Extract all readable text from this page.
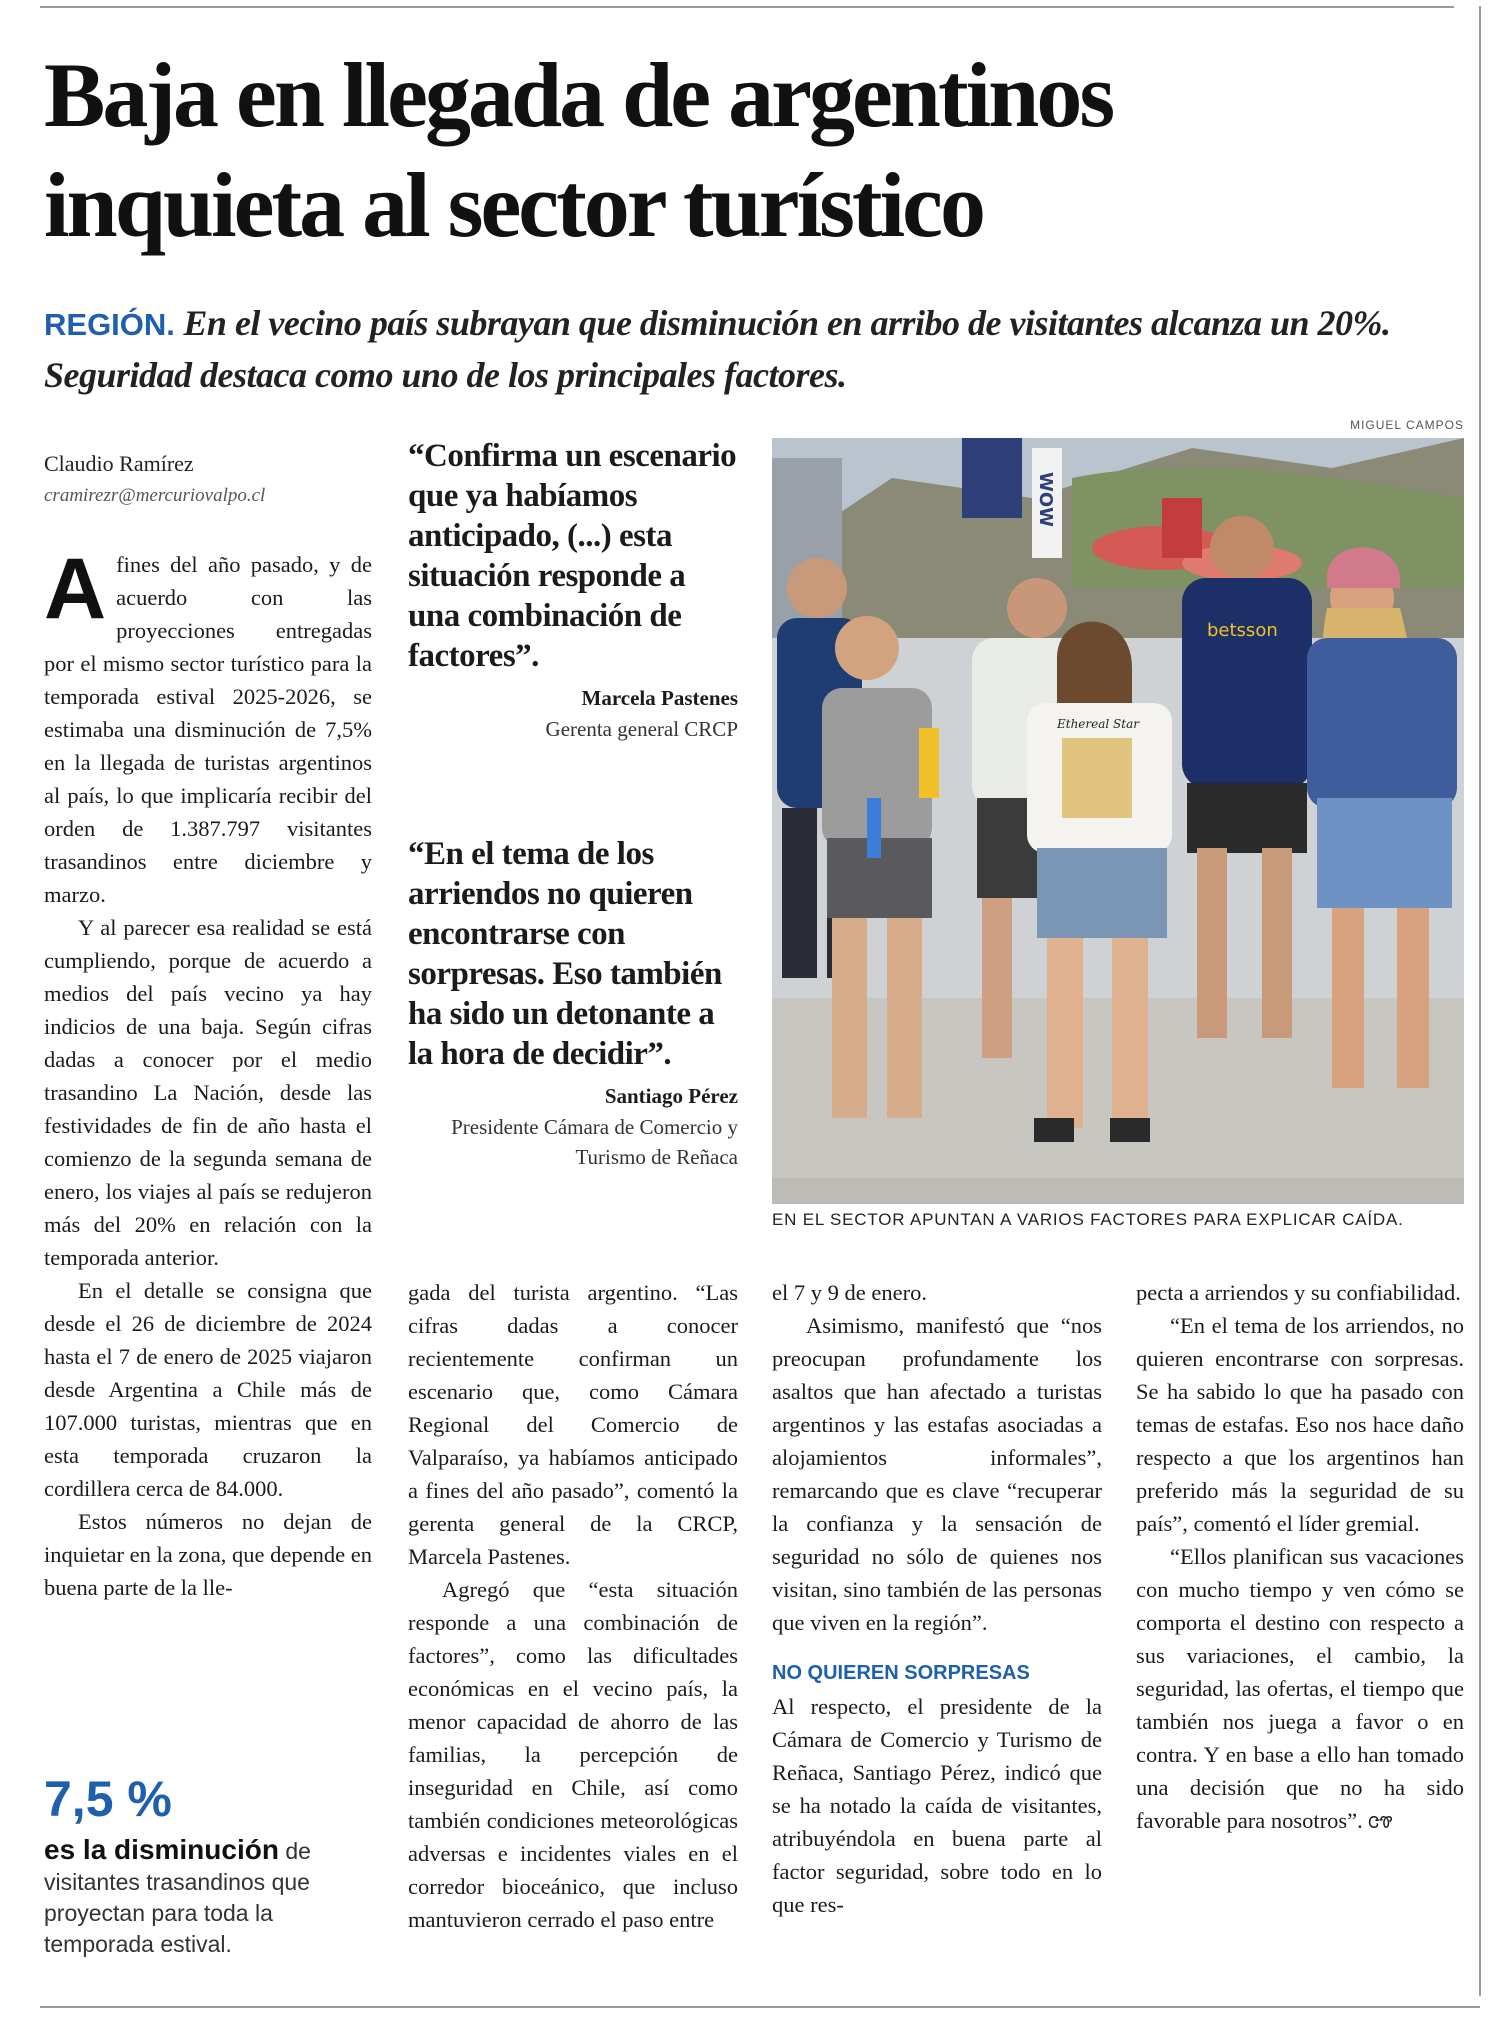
Baja en llegada de argentinos
inquieta al sector turístico
REGIÓN. En el vecino país subrayan que disminución en arribo de visitantes alcanza un 20%. Seguridad destaca como uno de los principales factores.
Claudio Ramírez
cramirezr@mercuriovalpo.cl

A fines del año pasado, y de acuerdo con las proyecciones entregadas por el mismo sector turístico para la temporada estival 2025-2026, se estimaba una disminución de 7,5% en la llegada de turistas argentinos al país, lo que implicaría recibir del orden de 1.387.797 visitantes trasandinos entre diciembre y marzo.

Y al parecer esa realidad se está cumpliendo, porque de acuerdo a medios del país vecino ya hay indicios de una baja. Según cifras dadas a conocer por el medio trasandino La Nación, desde las festividades de fin de año hasta el comienzo de la segunda semana de enero, los viajes al país se redujeron más del 20% en relación con la temporada anterior.

En el detalle se consigna que desde el 26 de diciembre de 2024 hasta el 7 de enero de 2025 viajaron desde Argentina a Chile más de 107.000 turistas, mientras que en esta temporada cruzaron la cordillera cerca de 84.000.

Estos números no dejan de inquietar en la zona, que depende en buena parte de la lle-

“Confirma un escenario que ya habíamos anticipado, (...) esta situación responde a una combinación de factores”.
Marcela Pastenes
Gerenta general CRCP
“En el tema de los arriendos no quieren encontrarse con sorpresas. Eso también ha sido un detonante a la hora de decidir”.
Santiago Pérez
Presidente Cámara de Comercio y Turismo de Reñaca
MIGUEL CAMPOS
WOW
Ethereal Star
betsson
EN EL SECTOR APUNTAN A VARIOS FACTORES PARA EXPLICAR CAÍDA.

gada del turista argentino. “Las cifras dadas a conocer recientemente confirman un escenario que, como Cámara Regional del Comercio de Valparaíso, ya habíamos anticipado a fines del año pasado”, comentó la gerenta general de la CRCP, Marcela Pastenes.

Agregó que “esta situación responde a una combinación de factores”, como las dificultades económicas en el vecino país, la menor capacidad de ahorro de las familias, la percepción de inseguridad en Chile, así como también condiciones meteorológicas adversas e incidentes viales en el corredor bioceánico, que incluso mantuvieron cerrado el paso entre

el 7 y 9 de enero.

Asimismo, manifestó que “nos preocupan profundamente los asaltos que han afectado a turistas argentinos y las estafas asociadas a alojamientos informales”, remarcando que es clave “recuperar la confianza y la sensación de seguridad no sólo de quienes nos visitan, sino también de las personas que viven en la región”.

NO QUIEREN SORPRESAS

Al respecto, el presidente de la Cámara de Comercio y Turismo de Reñaca, Santiago Pérez, indicó que se ha notado la caída de visitantes, atribuyéndola en buena parte al factor seguridad, sobre todo en lo que res-

pecta a arriendos y su confiabilidad.

“En el tema de los arriendos, no quieren encontrarse con sorpresas. Se ha sabido lo que ha pasado con temas de estafas. Eso nos hace daño respecto a que los argentinos han preferido más la seguridad de su país”, comentó el líder gremial.

“Ellos planifican sus vacaciones con mucho tiempo y ven cómo se comporta el destino con respecto a sus variaciones, el cambio, la seguridad, las ofertas, el tiempo que también nos juega a favor o en contra. Y en base a ello han tomado una decisión que no ha sido favorable para nosotros”. ᏣᏡ

7,5 %
es la disminución de visitantes trasandinos que proyectan para toda la temporada estival.
